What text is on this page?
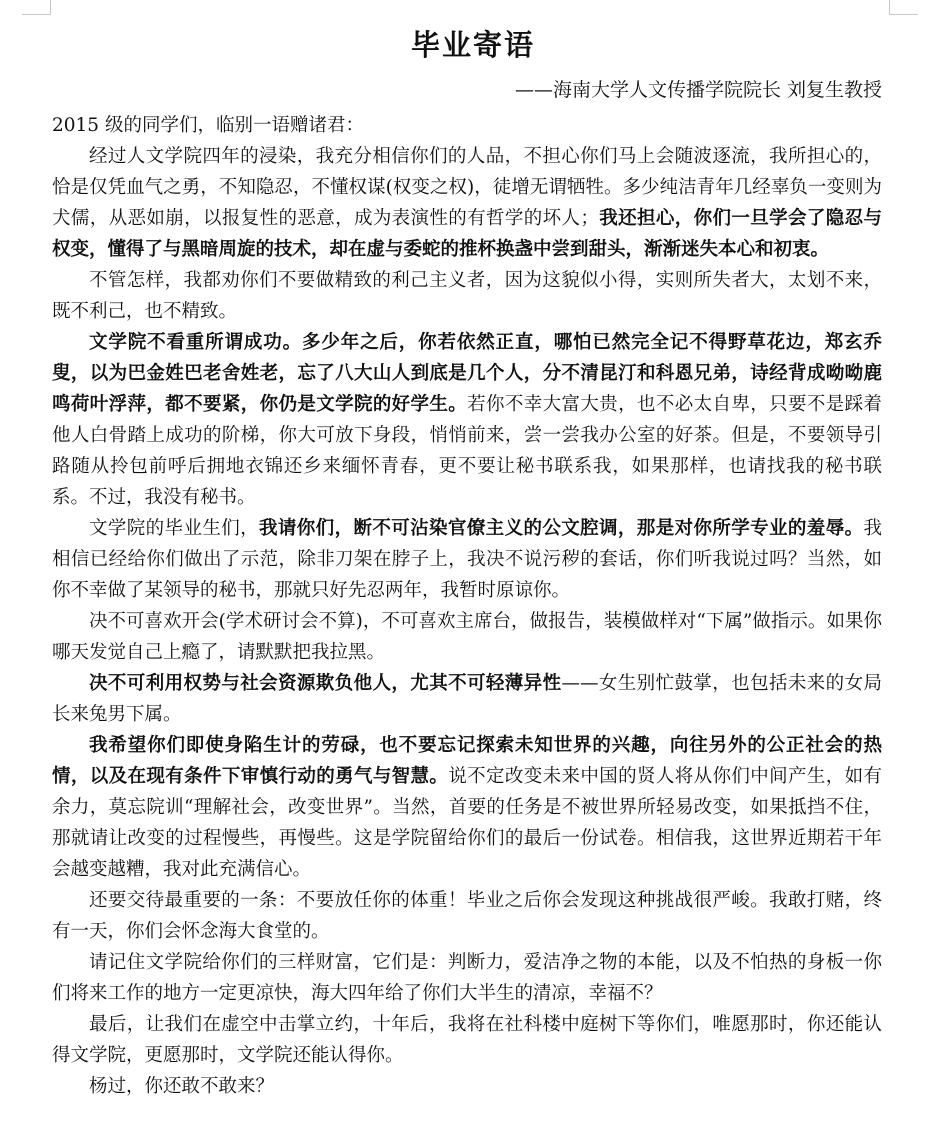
毕业寄语
——海南大学人文传播学院院长 刘复生教授

2015 级的同学们，临别一语赠诸君：

经过人文学院四年的浸染，我充分相信你们的人品，不担心你们马上会随波逐流，我所担心的，恰是仅凭血气之勇，不知隐忍，不懂权谋(权变之权)，徒增无谓牺牲。多少纯洁青年几经辜负一变则为犬儒，从恶如崩，以报复性的恶意，成为表演性的有哲学的坏人；我还担心，你们一旦学会了隐忍与权变，懂得了与黑暗周旋的技术，却在虚与委蛇的推杯换盏中尝到甜头，渐渐迷失本心和初衷。

不管怎样，我都劝你们不要做精致的利己主义者，因为这貌似小得，实则所失者大，太划不来，既不利己，也不精致。

文学院不看重所谓成功。多少年之后，你若依然正直，哪怕已然完全记不得野草花边，郑玄乔叟，以为巴金姓巴老舍姓老，忘了八大山人到底是几个人，分不清昆汀和科恩兄弟，诗经背成呦呦鹿鸣荷叶浮萍，都不要紧，你仍是文学院的好学生。若你不幸大富大贵，也不必太自卑，只要不是踩着他人白骨踏上成功的阶梯，你大可放下身段，悄悄前来，尝一尝我办公室的好茶。但是，不要领导引路随从拎包前呼后拥地衣锦还乡来缅怀青春，更不要让秘书联系我，如果那样，也请找我的秘书联系。不过，我没有秘书。

文学院的毕业生们，我请你们，断不可沾染官僚主义的公文腔调，那是对你所学专业的羞辱。我相信已经给你们做出了示范，除非刀架在脖子上，我决不说污秽的套话，你们听我说过吗？当然，如你不幸做了某领导的秘书，那就只好先忍两年，我暂时原谅你。

决不可喜欢开会(学术研讨会不算)，不可喜欢主席台，做报告，装模做样对“下属”做指示。如果你哪天发觉自己上瘾了，请默默把我拉黑。

决不可利用权势与社会资源欺负他人，尤其不可轻薄异性——女生别忙鼓掌，也包括未来的女局长来兔男下属。

我希望你们即使身陷生计的劳碌，也不要忘记探索未知世界的兴趣，向往另外的公正社会的热情，以及在现有条件下审慎行动的勇气与智慧。说不定改变未来中国的贤人将从你们中间产生，如有余力，莫忘院训“理解社会，改变世界”。当然，首要的任务是不被世界所轻易改变，如果抵挡不住，那就请让改变的过程慢些，再慢些。这是学院留给你们的最后一份试卷。相信我，这世界近期若干年会越变越糟，我对此充满信心。

还要交待最重要的一条：不要放任你的体重！毕业之后你会发现这种挑战很严峻。我敢打赌，终有一天，你们会怀念海大食堂的。

请记住文学院给你们的三样财富，它们是：判断力，爱洁净之物的本能，以及不怕热的身板一你们将来工作的地方一定更凉快，海大四年给了你们大半生的清凉，幸福不？

最后，让我们在虚空中击掌立约，十年后，我将在社科楼中庭树下等你们，唯愿那时，你还能认得文学院，更愿那时，文学院还能认得你。

杨过，你还敢不敢来？
